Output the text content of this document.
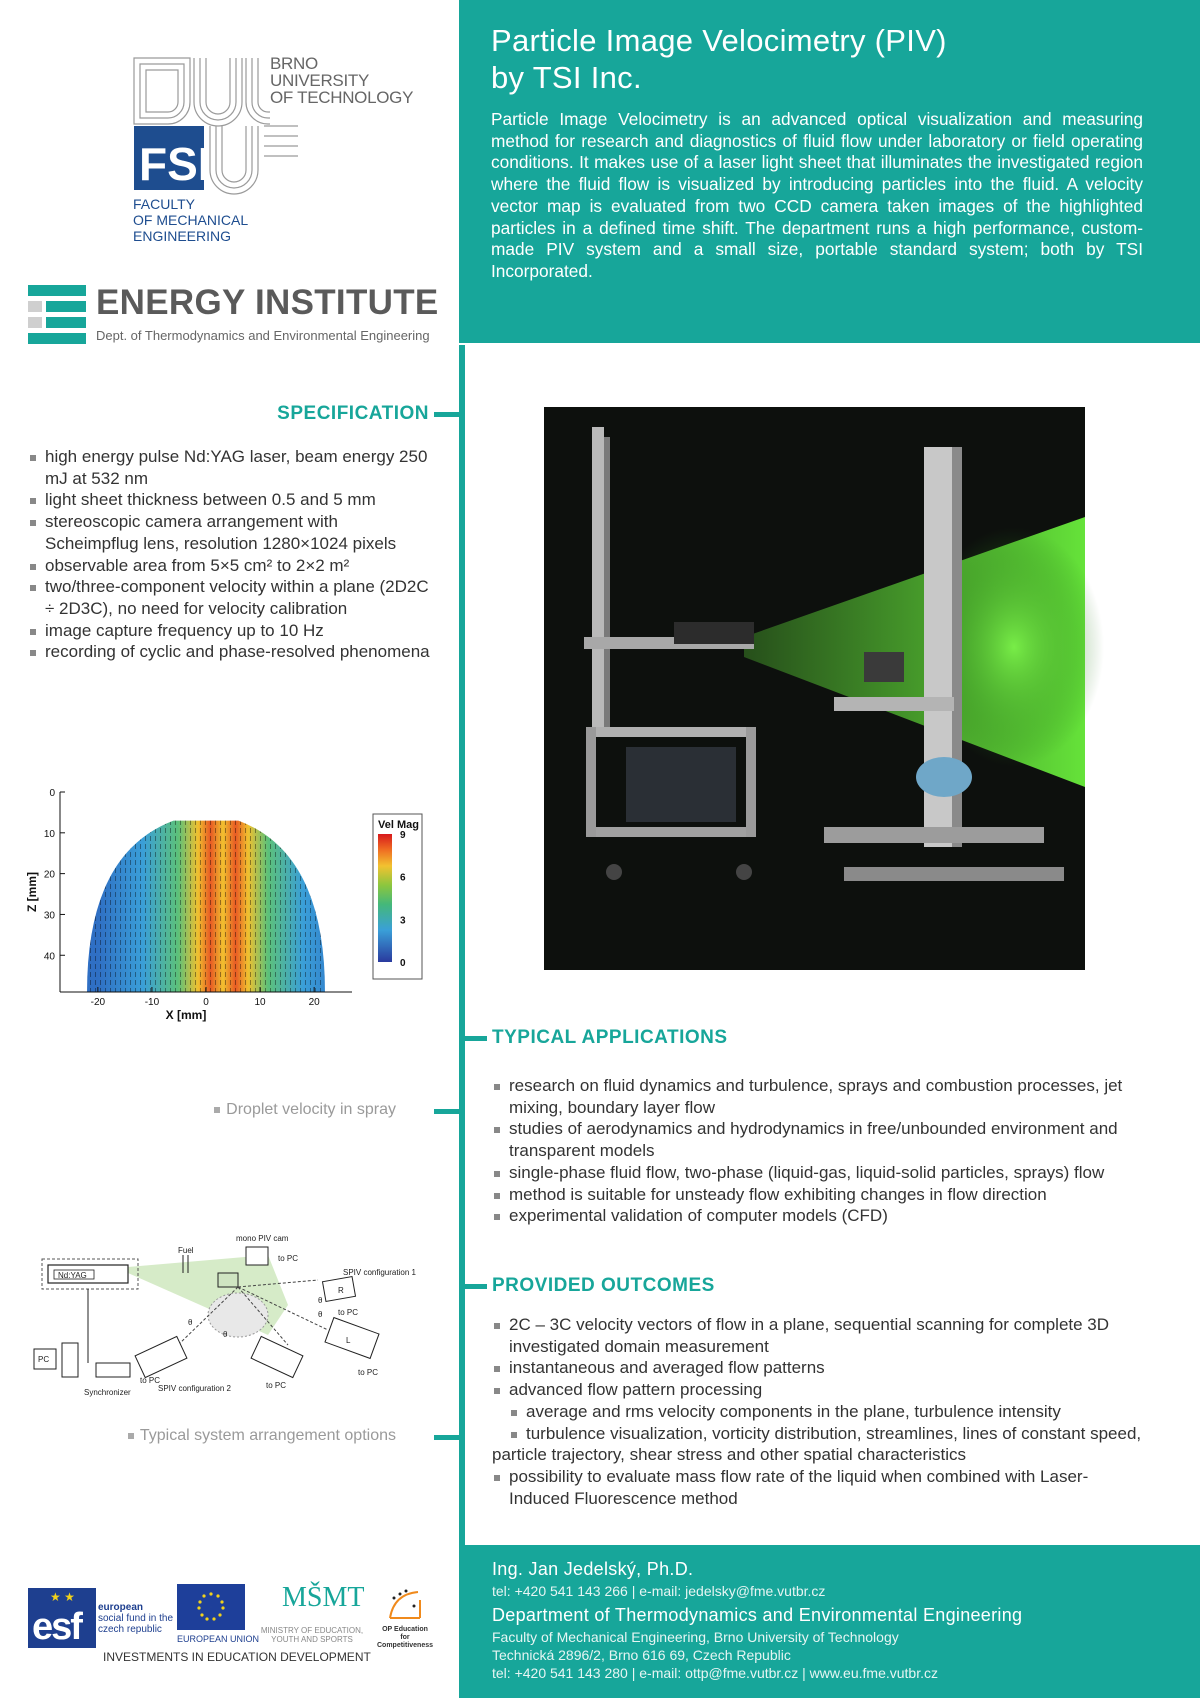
Particle Image Velocimetry (PIV)
by TSI Inc.

Particle Image Velocimetry is an advanced optical visualization and measuring method for research and diagnostics of fluid flow under laboratory or field operating conditions. It makes use of a laser light sheet that illuminates the investigated region where the fluid flow is visualized by introducing particles into the fluid. A velocity vector map is evaluated from two CCD camera taken images of the highlighted particles in a defined time shift. The department runs a high performance, custom-made PIV system and a small size, portable standard system; both by TSI Incorporated.

FSI
BRNO
UNIVERSITY
OF TECHNOLOGY
FACULTY
OF MECHANICAL
ENGINEERING
ENERGY INSTITUTE
Dept. of Thermodynamics and Environmental Engineering
SPECIFICATION
high energy pulse Nd:YAG laser, beam energy 250 mJ at 532 nm
light sheet thickness between 0.5 and 5 mm
stereoscopic camera arrangement with Scheimpflug lens, resolution 1280×1024 pixels
observable area from 5×5 cm² to 2×2 m²
two/three-component velocity within a plane (2D2C ÷ 2D3C), no need for velocity calibration
image capture frequency up to 10 Hz
recording of cyclic and phase-resolved phenomena
-20	-10	0	10	20
0
10
20
30
40
X [mm]
Z [mm]
Vel Mag
9
6
3
0
Droplet velocity in spray
Nd:YAG
Fuel
mono PIV cam
to PC
θ
θ
θ
θ
SPIV configuration 1
R
to PC
L
to PC
SPIV configuration 2
to PC
to PC
PC
Synchronizer
Typical system arrangement options
TYPICAL APPLICATIONS
research on fluid dynamics and turbulence, sprays and combustion processes, jet mixing, boundary layer flow
studies of aerodynamics and hydrodynamics in free/unbounded environment and transparent models
single-phase fluid flow, two-phase (liquid-gas, liquid-solid particles, sprays) flow
method is suitable for unsteady flow exhibiting changes in flow direction
experimental validation of computer models (CFD)
PROVIDED OUTCOMES
2C – 3C velocity vectors of flow in a plane, sequential scanning for complete 3D investigated domain measurement
instantaneous and averaged flow patterns
advanced flow pattern processing
average and rms velocity components in the plane, turbulence intensity
turbulence visualization, vorticity distribution, streamlines, lines of constant speed, particle trajectory, shear stress and other spatial characteristics
possibility to evaluate mass flow rate of the liquid when combined with Laser-Induced Fluorescence method
Ing. Jan Jedelský, Ph.D.
tel: +420 541 143 266 | e-mail: jedelsky@fme.vutbr.cz
Department of Thermodynamics and Environmental Engineering
Faculty of Mechanical Engineering, Brno University of Technology
Technická 2896/2, Brno 616 69, Czech Republic
tel: +420 541 143 280 | e-mail: ottp@fme.vutbr.cz | www.eu.fme.vutbr.cz
esf
★ ★
european
social fund in the
czech republic
EUROPEAN UNION
MŠMT
MINISTRY OF EDUCATION,
YOUTH AND SPORTS
OP Education
for Competitiveness
INVESTMENTS IN EDUCATION DEVELOPMENT
